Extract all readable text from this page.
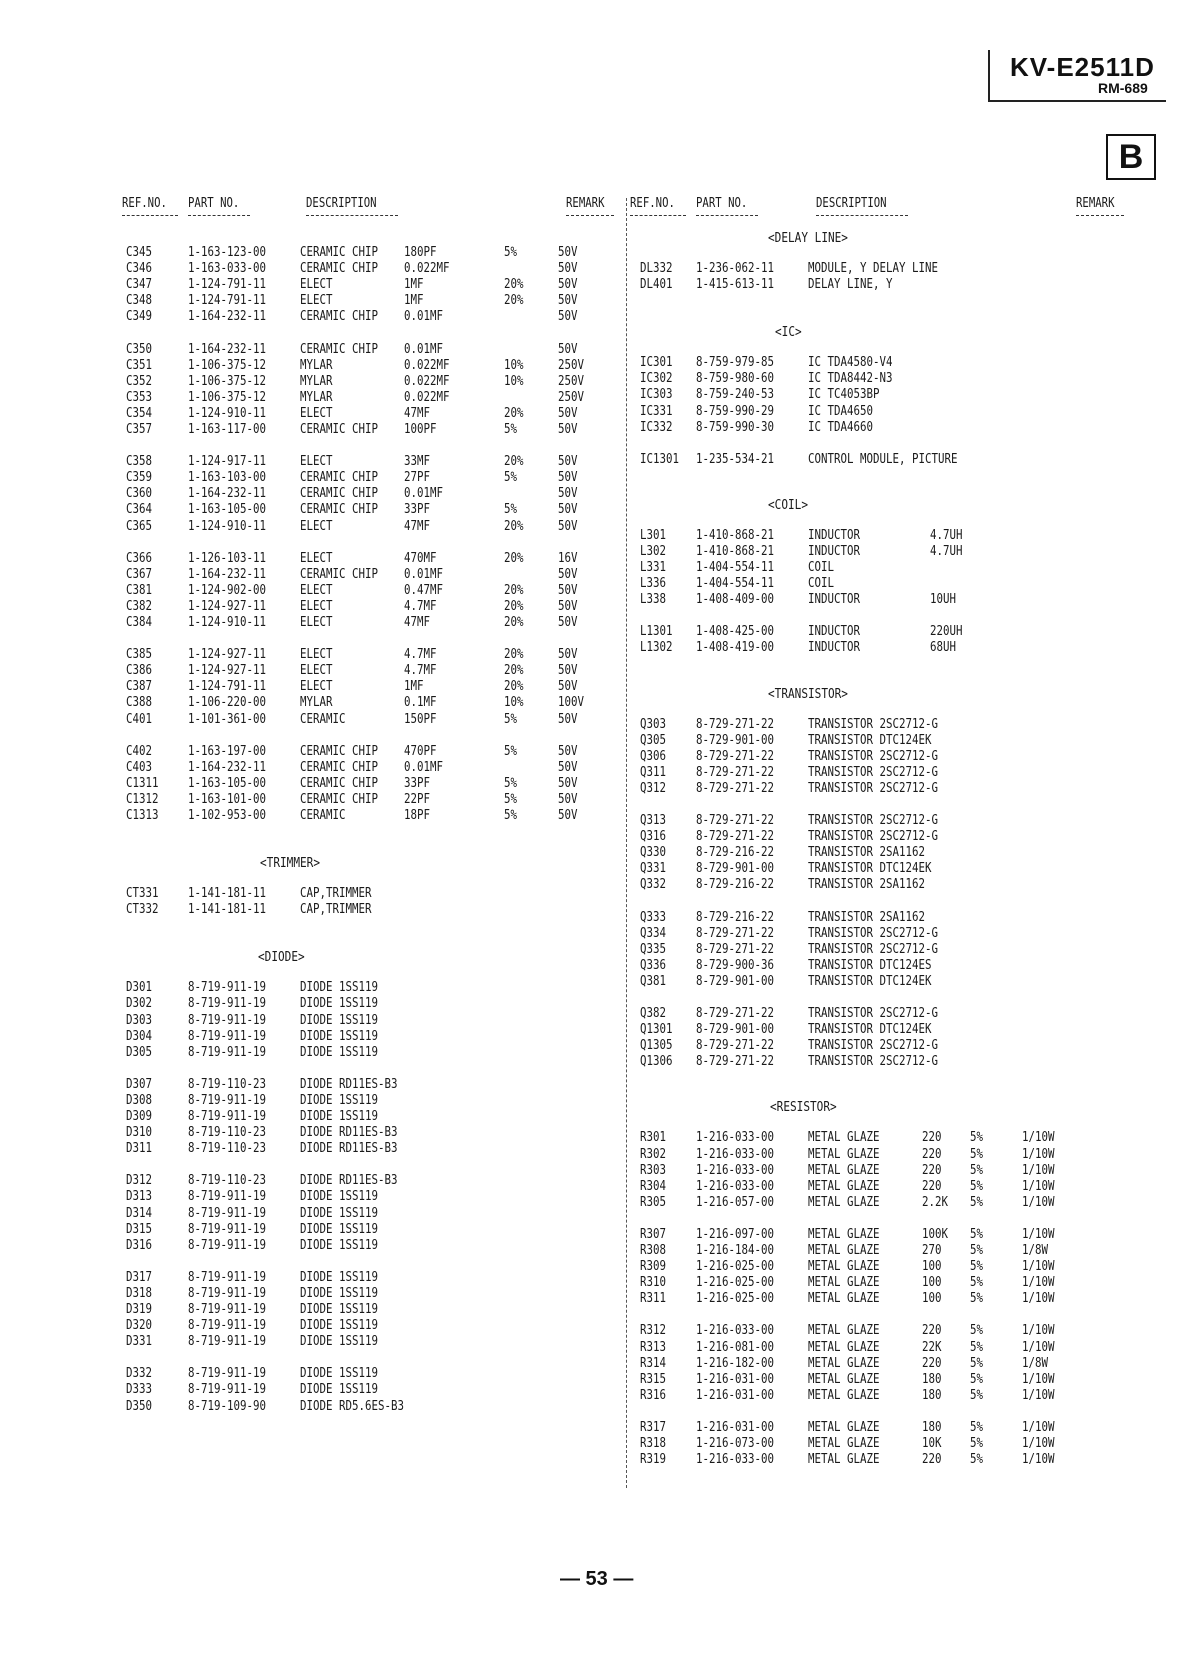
KV-E2511D
RM-689
B
REF.NO. PART NO.	DESCRIPTION	REMARK REF.NO. PART NO.	DESCRIPTION	REMARK
C345	1-163-123-00	CERAMIC CHIP 180PF	5%	50V
C346	1-163-033-00	CERAMIC CHIP 0.022MF	50V
C347	1-124-791-11	ELECT	1MF	20%	50V
C348	1-124-791-11	ELECT	1MF	20%	50V
C349	1-164-232-11	CERAMIC CHIP 0.01MF	50V
C350	1-164-232-11	CERAMIC CHIP 0.01MF	50V
C351	1-106-375-12	MYLAR	0.022MF	10%	250V
C352	1-106-375-12	MYLAR	0.022MF	10%	250V
C353	1-106-375-12	MYLAR	0.022MF	250V
C354	1-124-910-11	ELECT	47MF	20%	50V
C357	1-163-117-00	CERAMIC CHIP 100PF	5%	50V
C358	1-124-917-11	ELECT	33MF	20%	50V
C359	1-163-103-00	CERAMIC CHIP 27PF	5%	50V
C360	1-164-232-11	CERAMIC CHIP 0.01MF	50V
C364	1-163-105-00	CERAMIC CHIP 33PF	5%	50V
C365	1-124-910-11	ELECT	47MF	20%	50V
C366	1-126-103-11	ELECT	470MF	20%	16V
C367	1-164-232-11	CERAMIC CHIP 0.01MF	50V
C381	1-124-902-00	ELECT	0.47MF	20%	50V
C382	1-124-927-11	ELECT	4.7MF	20%	50V
C384	1-124-910-11	ELECT	47MF	20%	50V
C385	1-124-927-11	ELECT	4.7MF	20%	50V
C386	1-124-927-11	ELECT	4.7MF	20%	50V
C387	1-124-791-11	ELECT	1MF	20%	50V
C388	1-106-220-00	MYLAR	0.1MF	10%	100V
C401	1-101-361-00	CERAMIC	150PF	5%	50V
C402	1-163-197-00	CERAMIC CHIP 470PF	5%	50V
C403	1-164-232-11	CERAMIC CHIP 0.01MF	50V
C1311 1-163-105-00	CERAMIC CHIP 33PF	5%	50V
C1312 1-163-101-00	CERAMIC CHIP 22PF	5%	50V
C1313 1-102-953-00	CERAMIC	18PF	5%	50V
<TRIMMER>
CT331 1-141-181-11	CAP,TRIMMER
CT332 1-141-181-11	CAP,TRIMMER
<DIODE>
D301	8-719-911-19	DIODE 1SS119
D302	8-719-911-19	DIODE 1SS119
D303	8-719-911-19	DIODE 1SS119
D304	8-719-911-19	DIODE 1SS119
D305	8-719-911-19	DIODE 1SS119
D307	8-719-110-23	DIODE RD11ES-B3
D308	8-719-911-19	DIODE 1SS119
D309	8-719-911-19	DIODE 1SS119
D310	8-719-110-23	DIODE RD11ES-B3
D311	8-719-110-23	DIODE RD11ES-B3
D312	8-719-110-23	DIODE RD11ES-B3
D313	8-719-911-19	DIODE 1SS119
D314	8-719-911-19	DIODE 1SS119
D315	8-719-911-19	DIODE 1SS119
D316	8-719-911-19	DIODE 1SS119
D317	8-719-911-19	DIODE 1SS119
D318	8-719-911-19	DIODE 1SS119
D319	8-719-911-19	DIODE 1SS119
D320	8-719-911-19	DIODE 1SS119
D331	8-719-911-19	DIODE 1SS119
D332	8-719-911-19	DIODE 1SS119
D333	8-719-911-19	DIODE 1SS119
D350	8-719-109-90	DIODE RD5.6ES-B3
<DELAY LINE>
DL332 1-236-062-11	MODULE, Y DELAY LINE
DL401 1-415-613-11	DELAY LINE, Y
<IC>
IC301 8-759-979-85	IC TDA4580-V4
IC302 8-759-980-60	IC TDA8442-N3
IC303 8-759-240-53	IC TC4053BP
IC331 8-759-990-29	IC TDA4650
IC332 8-759-990-30	IC TDA4660
IC1301 1-235-534-21	CONTROL MODULE, PICTURE
<COIL>
L301 1-410-868-21	INDUCTOR	4.7UH
L302 1-410-868-21	INDUCTOR	4.7UH
L331 1-404-554-11	COIL
L336 1-404-554-11	COIL
L338 1-408-409-00	INDUCTOR	10UH
L1301 1-408-425-00	INDUCTOR	220UH
L1302 1-408-419-00	INDUCTOR	68UH
<TRANSISTOR>
Q303 8-729-271-22	TRANSISTOR 2SC2712-G
Q305 8-729-901-00	TRANSISTOR DTC124EK
Q306 8-729-271-22	TRANSISTOR 2SC2712-G
Q311 8-729-271-22	TRANSISTOR 2SC2712-G
Q312 8-729-271-22	TRANSISTOR 2SC2712-G
Q313 8-729-271-22	TRANSISTOR 2SC2712-G
Q316 8-729-271-22	TRANSISTOR 2SC2712-G
Q330 8-729-216-22	TRANSISTOR 2SA1162
Q331 8-729-901-00	TRANSISTOR DTC124EK
Q332 8-729-216-22	TRANSISTOR 2SA1162
Q333 8-729-216-22	TRANSISTOR 2SA1162
Q334 8-729-271-22	TRANSISTOR 2SC2712-G
Q335 8-729-271-22	TRANSISTOR 2SC2712-G
Q336 8-729-900-36	TRANSISTOR DTC124ES
Q381 8-729-901-00	TRANSISTOR DTC124EK
Q382 8-729-271-22	TRANSISTOR 2SC2712-G
Q1301 8-729-901-00	TRANSISTOR DTC124EK
Q1305 8-729-271-22	TRANSISTOR 2SC2712-G
Q1306 8-729-271-22	TRANSISTOR 2SC2712-G
<RESISTOR>
R301 1-216-033-00	METAL GLAZE	220 5%	1/10W
R302 1-216-033-00	METAL GLAZE	220 5%	1/10W
R303 1-216-033-00	METAL GLAZE	220 5%	1/10W
R304 1-216-033-00	METAL GLAZE	220 5%	1/10W
R305 1-216-057-00	METAL GLAZE	2.2K 5%	1/10W
R307 1-216-097-00	METAL GLAZE	100K 5%	1/10W
R308 1-216-184-00	METAL GLAZE	270 5%	1/8W
R309 1-216-025-00	METAL GLAZE	100 5%	1/10W
R310 1-216-025-00	METAL GLAZE	100 5%	1/10W
R311 1-216-025-00	METAL GLAZE	100 5%	1/10W
R312 1-216-033-00	METAL GLAZE	220 5%	1/10W
R313 1-216-081-00	METAL GLAZE	22K 5%	1/10W
R314 1-216-182-00	METAL GLAZE	220 5%	1/8W
R315 1-216-031-00	METAL GLAZE	180 5%	1/10W
R316 1-216-031-00	METAL GLAZE	180 5%	1/10W
R317 1-216-031-00	METAL GLAZE	180 5%	1/10W
R318 1-216-073-00	METAL GLAZE	10K 5%	1/10W
R319 1-216-033-00	METAL GLAZE	220 5%	1/10W
— 53 —
